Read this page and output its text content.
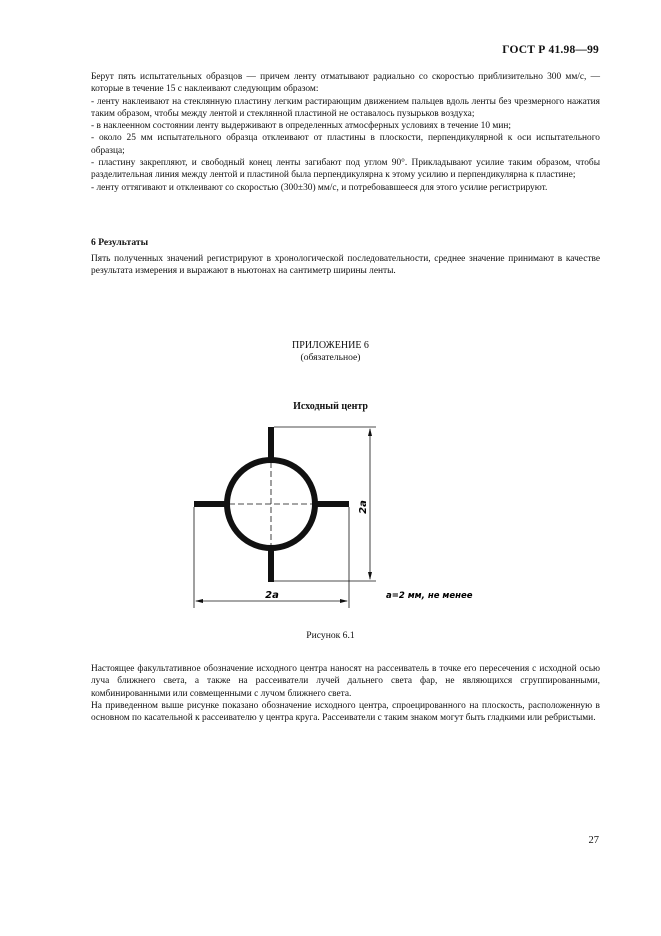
ГОСТ Р 41.98—99

Берут пять испытательных образцов — причем ленту отматывают радиально со скоростью приблизительно 300 мм/с, — которые в течение 15 с наклеивают следующим образом:

- ленту наклеивают на стеклянную пластину легким растирающим движением пальцев вдоль ленты без чрезмерного нажатия таким образом, чтобы между лентой и стеклянной пластиной не оставалось пузырьков воздуха;

- в наклеенном состоянии ленту выдерживают в определенных атмосферных условиях в течение 10 мин;

- около 25 мм испытательного образца отклеивают от пластины в плоскости, перпендикулярной к оси испытательного образца;

- пластину закрепляют, и свободный конец ленты загибают под углом 90°. Прикладывают усилие таким образом, чтобы разделительная линия между лентой и пластиной была перпендикулярна к этому усилию и перпендикулярна к пластине;

- ленту оттягивают и отклеивают со скоростью (300±30) мм/с, и потребовавшееся для этого усилие регистрируют.

6 Результаты

Пять полученных значений регистрируют в хронологической последовательности, среднее значение принимают в качестве результата измерения и выражают в ньютонах на сантиметр ширины ленты.

ПРИЛОЖЕНИЕ 6
(обязательное)
Исходный центр
2a
2a	a=2 мм, не менее
Рисунок 6.1

Настоящее факультативное обозначение исходного центра наносят на рассеиватель в точке его пересечения с исходной осью луча ближнего света, а также на рассеиватели лучей дальнего света фар, не являющихся сгруппированными, комбинированными или совмещенными с лучом ближнего света.

На приведенном выше рисунке показано обозначение исходного центра, спроецированного на плоскость, расположенную в основном по касательной к рассеивателю у центра круга. Рассеиватели с таким знаком могут быть гладкими или ребристыми.

27
